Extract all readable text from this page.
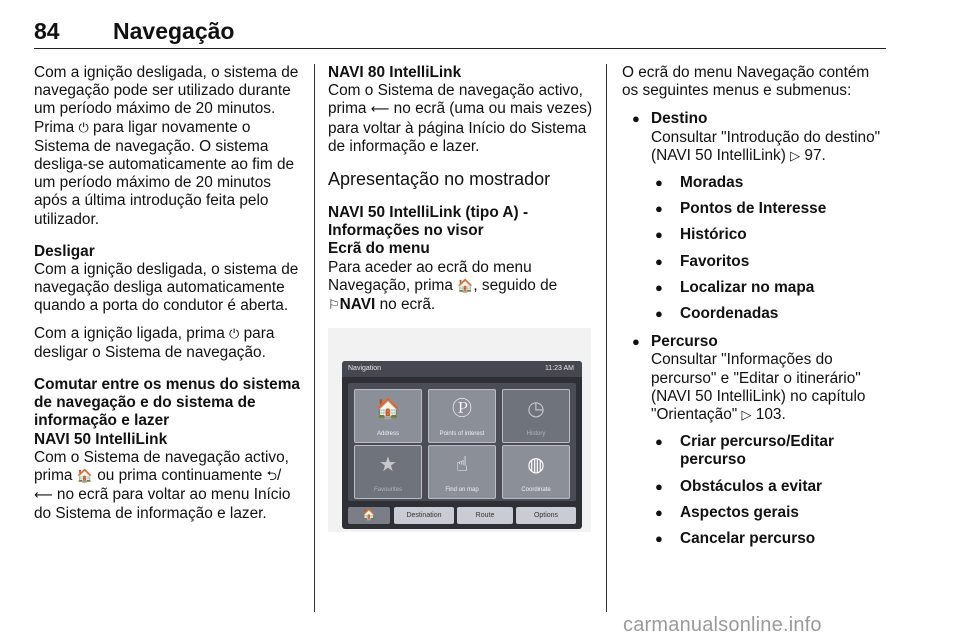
84 Navegação

Com a ignição desligada, o sistema de navegação pode ser utilizado durante um período máximo de 20 minutos. Prima ⏻ para ligar novamente o Sistema de navegação. O sistema desliga-se automaticamente ao fim de um período máximo de 20 minutos após a última introdução feita pelo utilizador.

Desligar

Com a ignição desligada, o sistema de navegação desliga automaticamente quando a porta do condutor é aberta.

Com a ignição ligada, prima ⏻ para desligar o Sistema de navegação.

Comutar entre os menus do sistema de navegação e do sistema de informação e lazer

NAVI 50 IntelliLink

Com o Sistema de navegação activo, prima 🏠 ou prima continuamente ⮌/ ⟵ no ecrã para voltar ao menu Início do Sistema de informação e lazer.

NAVI 80 IntelliLink

Com o Sistema de navegação activo, prima ⟵ no ecrã (uma ou mais vezes) para voltar à página Início do Sistema de informação e lazer.

Apresentação no mostrador

NAVI 50 IntelliLink (tipo A) - Informações no visor

Ecrã do menu

Para aceder ao ecrã do menu Navegação, prima 🏠, seguido de ⚐NAVI no ecrã.

Navigation	11:23 AM
🏠
Address
Ⓟ
Points of interest
◷
History
★
Favourites
☝
Find on map
◍
Coordinate
🏠	Destination	Route	Options

O ecrã do menu Navegação contém os seguintes menus e submenus:

● Destino

Consultar "Introdução do destino" (NAVI 50 IntelliLink) ▷ 97.

● Moradas
● Pontos de Interesse
● Histórico
● Favoritos
● Localizar no mapa
● Coordenadas
● Percurso

Consultar "Informações do percurso" e "Editar o itinerário" (NAVI 50 IntelliLink) no capítulo "Orientação" ▷ 103.

● Criar percurso/Editar percurso
● Obstáculos a evitar
● Aspectos gerais
● Cancelar percurso
carmanualsonline.info
